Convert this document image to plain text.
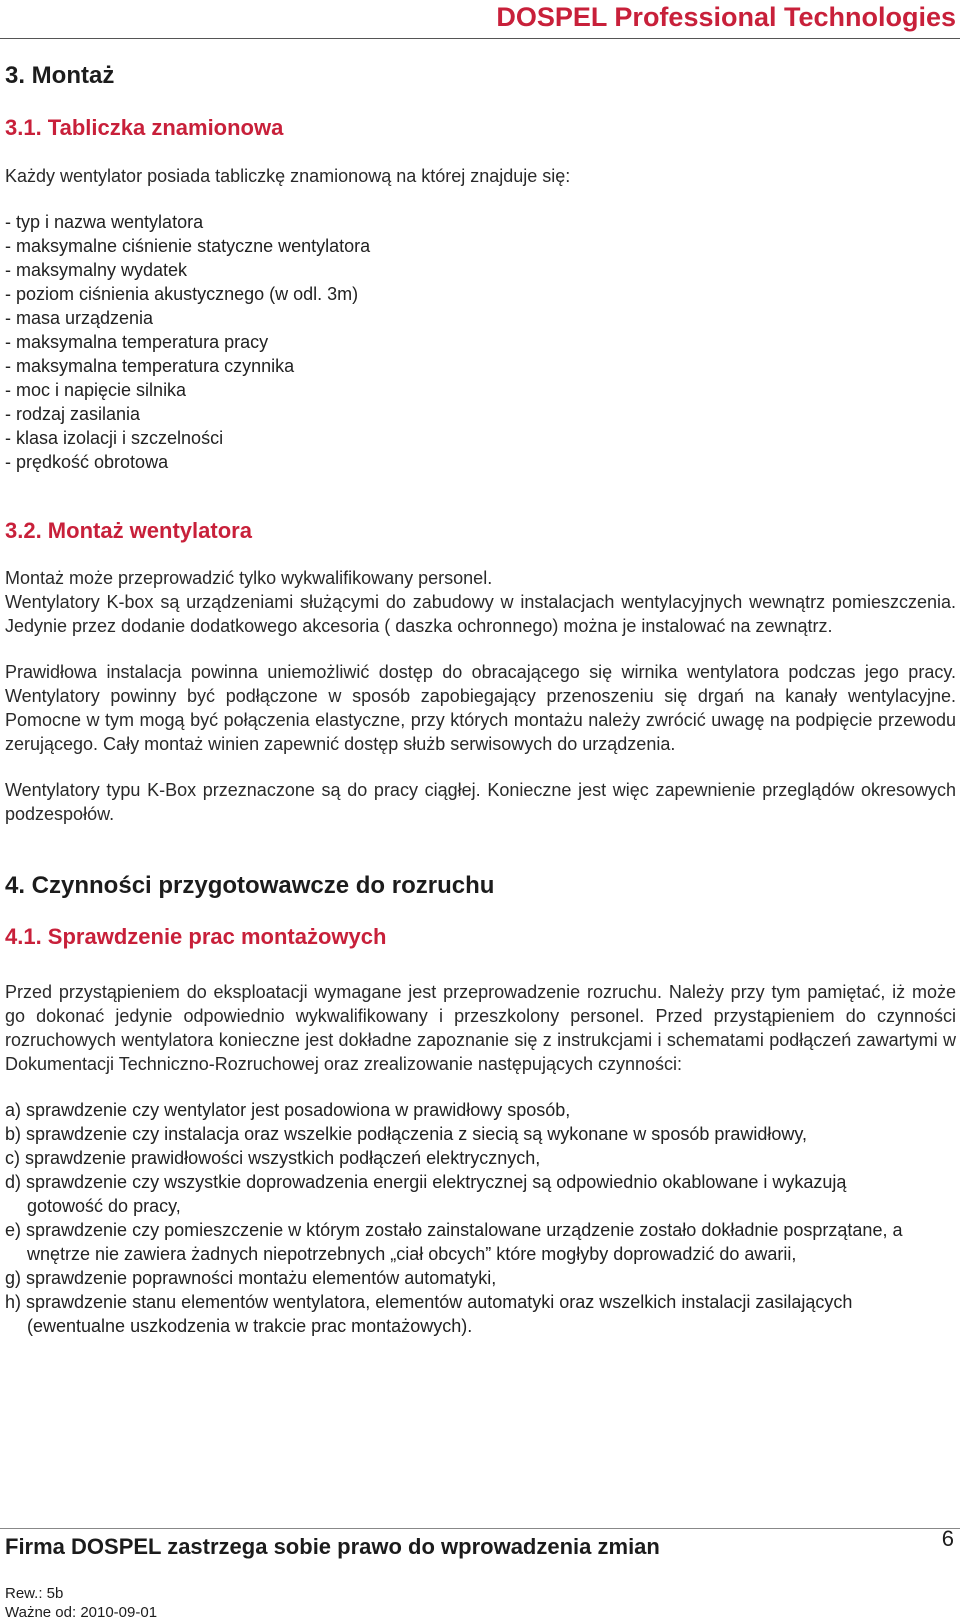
DOSPEL Professional Technologies
3. Montaż
3.1. Tabliczka znamionowa
Każdy wentylator posiada tabliczkę znamionową na której znajduje się:
- typ i nazwa wentylatora
- maksymalne ciśnienie statyczne wentylatora
- maksymalny wydatek
- poziom ciśnienia akustycznego (w odl. 3m)
- masa urządzenia
- maksymalna temperatura pracy
- maksymalna temperatura czynnika
- moc i napięcie silnika
- rodzaj zasilania
- klasa izolacji i szczelności
- prędkość obrotowa
3.2. Montaż wentylatora
Montaż może przeprowadzić tylko wykwalifikowany personel.
Wentylatory K-box są urządzeniami służącymi do zabudowy w instalacjach wentylacyjnych wewnątrz pomieszczenia. Jedynie przez dodanie dodatkowego akcesoria ( daszka ochronnego) można je instalować na zewnątrz.
Prawidłowa instalacja powinna uniemożliwić dostęp do obracającego się wirnika wentylatora podczas jego pracy. Wentylatory powinny być podłączone w sposób zapobiegający przenoszeniu się drgań na kanały wentylacyjne. Pomocne w tym mogą być połączenia elastyczne, przy których montażu należy zwrócić uwagę na podpięcie przewodu zerującego. Cały montaż winien zapewnić dostęp służb serwisowych do urządzenia.
Wentylatory typu K-Box przeznaczone są do pracy ciągłej. Konieczne jest więc zapewnienie przeglądów okresowych podzespołów.
4. Czynności przygotowawcze do rozruchu
4.1. Sprawdzenie prac montażowych
Przed przystąpieniem do eksploatacji wymagane jest przeprowadzenie rozruchu. Należy przy tym pamiętać, iż może go dokonać jedynie odpowiednio wykwalifikowany i przeszkolony personel. Przed przystąpieniem do czynności rozruchowych wentylatora konieczne jest dokładne zapoznanie się z instrukcjami i schematami podłączeń zawartymi w Dokumentacji Techniczno-Rozruchowej oraz zrealizowanie następujących czynności:
a) sprawdzenie czy wentylator jest posadowiona w prawidłowy sposób,
b) sprawdzenie czy instalacja oraz wszelkie podłączenia z siecią są wykonane w sposób prawidłowy,
c) sprawdzenie prawidłowości wszystkich podłączeń elektrycznych,
d) sprawdzenie czy wszystkie doprowadzenia energii elektrycznej są odpowiednio okablowane i wykazują gotowość do pracy,
e) sprawdzenie czy pomieszczenie w którym zostało zainstalowane urządzenie zostało dokładnie posprzątane, a wnętrze nie zawiera żadnych niepotrzebnych „ciał obcych” które mogłyby doprowadzić do awarii,
g) sprawdzenie poprawności montażu elementów automatyki,
h) sprawdzenie stanu elementów wentylatora, elementów automatyki oraz wszelkich instalacji zasilających (ewentualne uszkodzenia w trakcie prac montażowych).
Firma DOSPEL zastrzega sobie prawo do wprowadzenia zmian	6
Rew.: 5b
Ważne od: 2010-09-01
